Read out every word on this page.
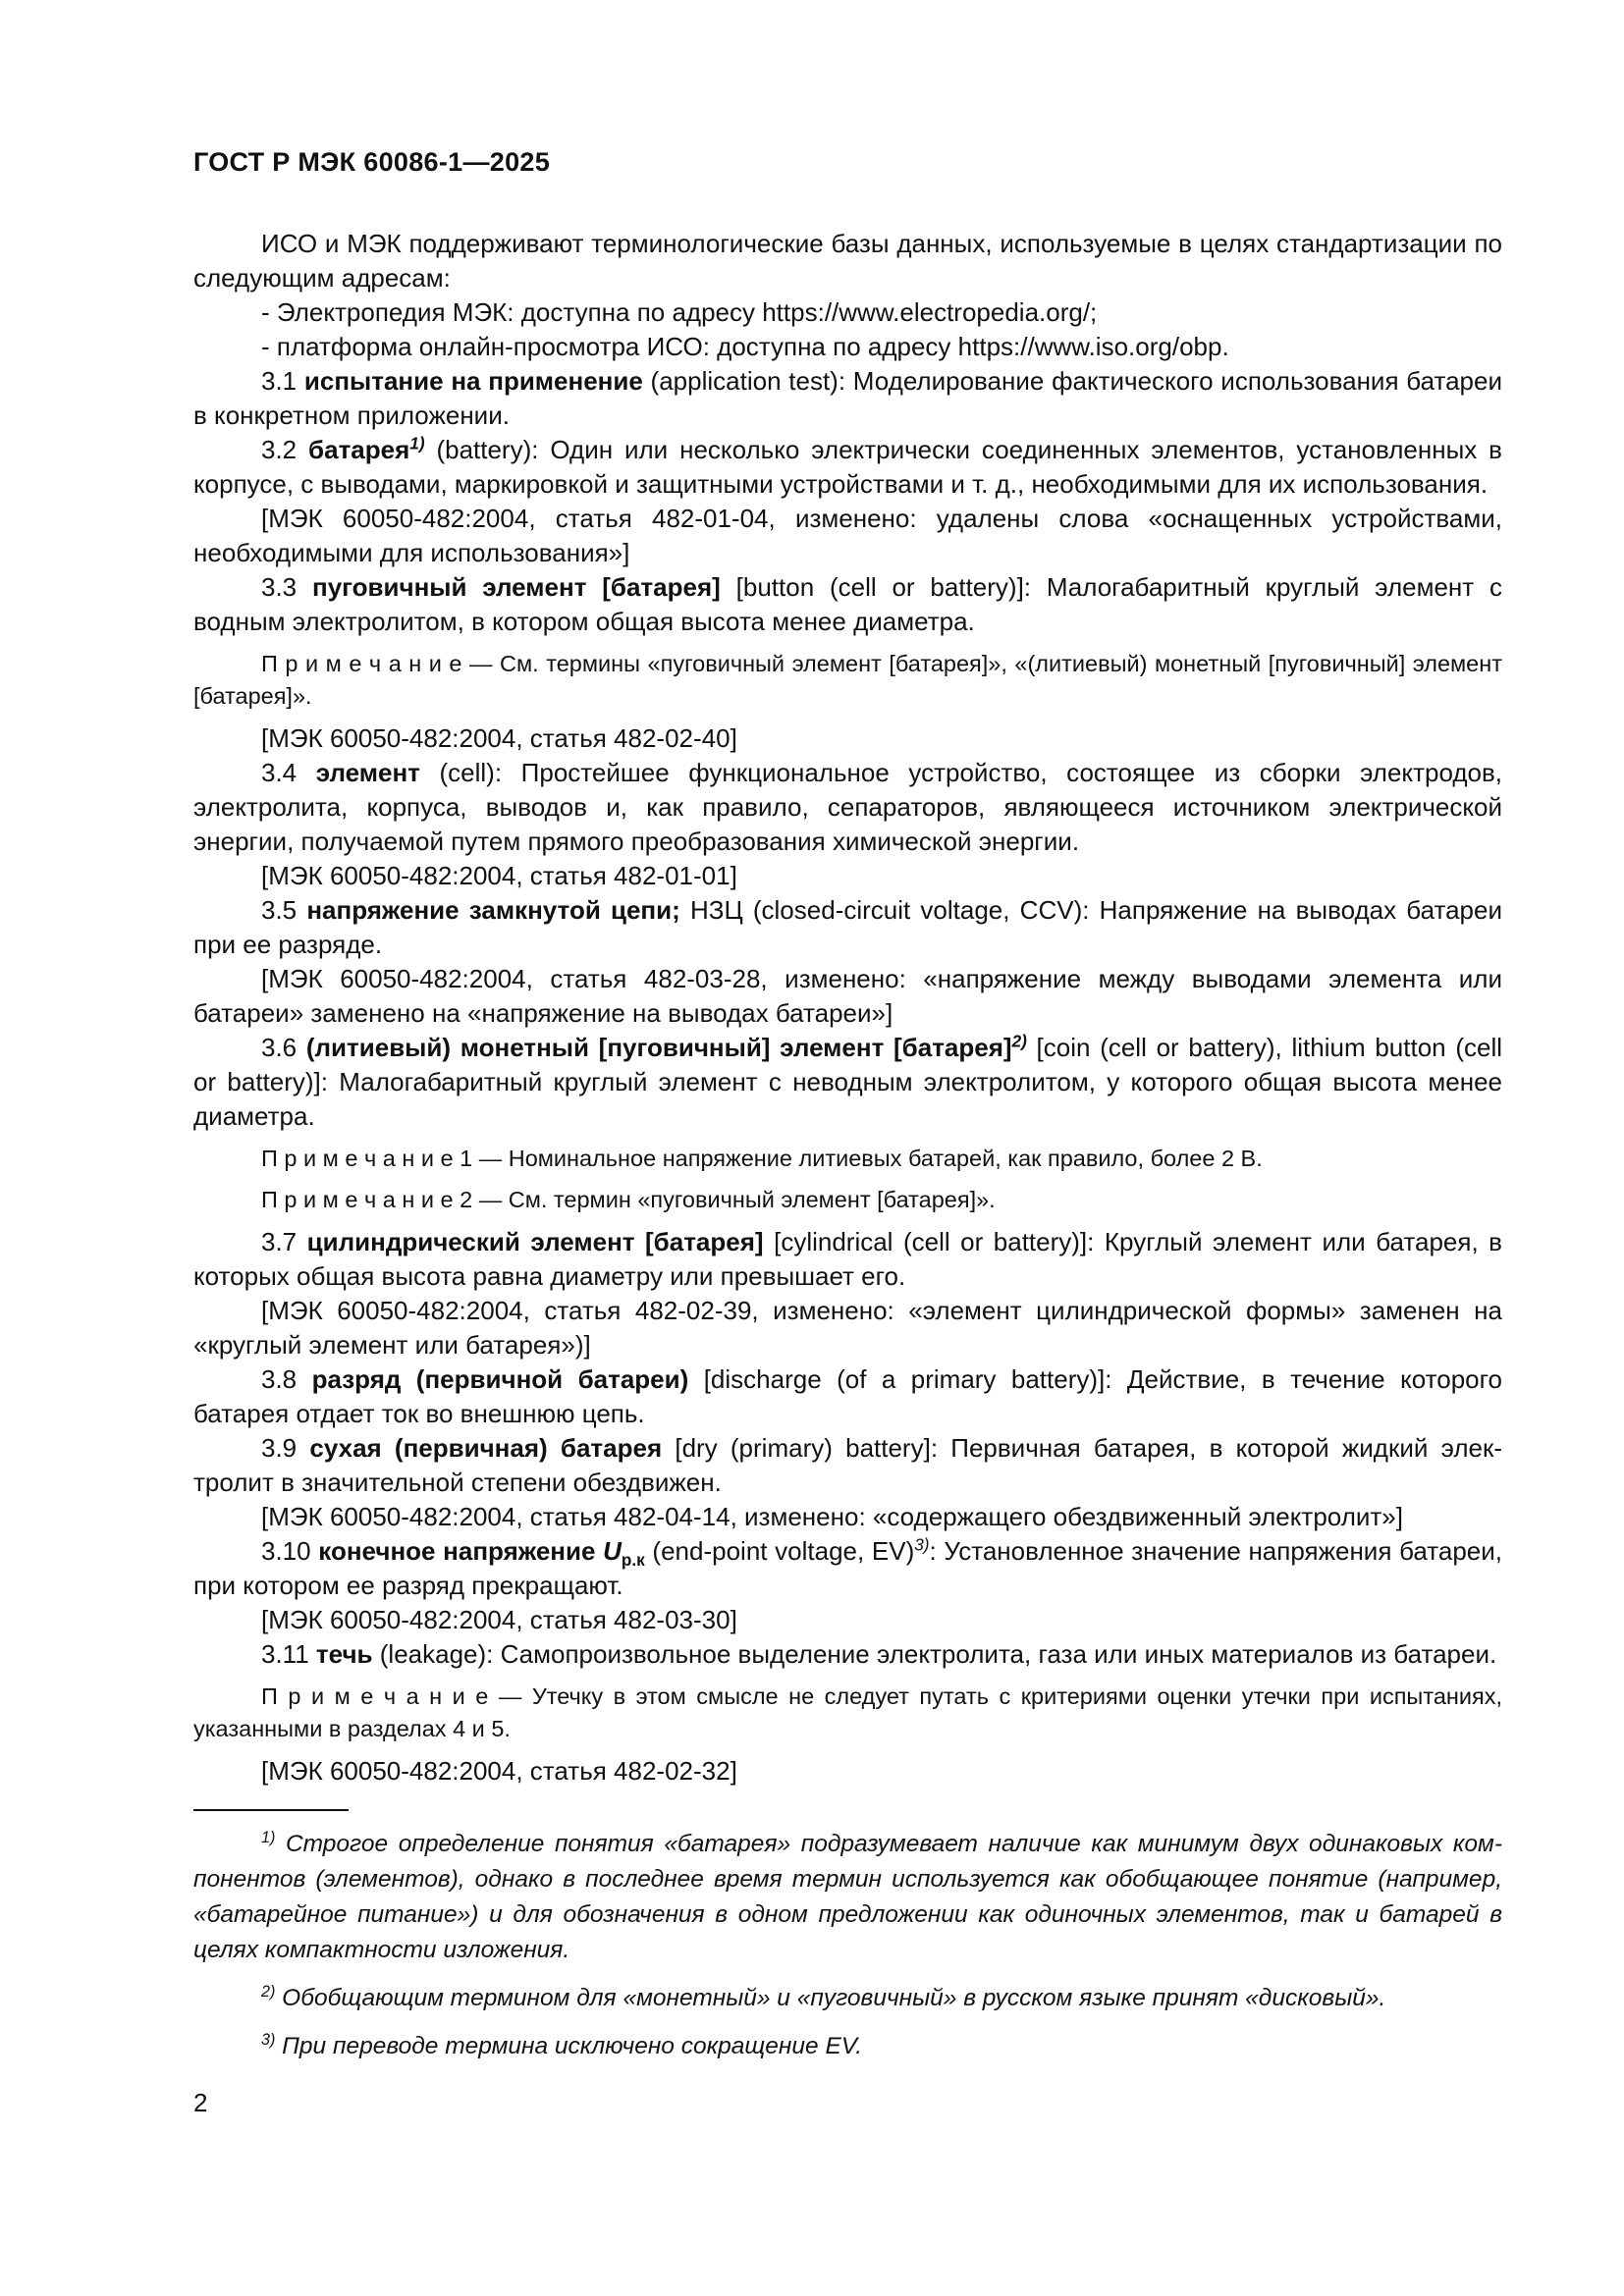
ГОСТ Р МЭК 60086-1—2025

ИСО и МЭК поддерживают терминологические базы данных, используемые в целях стандартизации по следующим адресам:

- Электропедия МЭК: доступна по адресу https://www.electropedia.org/;

- платформа онлайн-просмотра ИСО: доступна по адресу https://www.iso.org/obp.

3.1 испытание на применение (application test): Моделирование фактического использования батареи в конкретном приложении.

3.2 батарея$^{1)}$ (battery): Один или несколько электрически соединенных элементов, установленных в корпусе, с выводами, маркировкой и защитными устройствами и т. д., необходимыми для их использования.

[МЭК 60050-482:2004, статья 482-01-04, изменено: удалены слова «оснащенных устройствами, необходимыми для использования»]

3.3 пуговичный элемент [батарея] [button (cell or battery)]: Малогабаритный круглый элемент с водным электролитом, в котором общая высота менее диаметра.

П р и м е ч а н и е — См. термины «пуговичный элемент [батарея]», «(литиевый) монетный [пуговичный] элемент [батарея]».

[МЭК 60050-482:2004, статья 482-02-40]

3.4 элемент (cell): Простейшее функциональное устройство, состоящее из сборки электродов, электролита, корпуса, выводов и, как правило, сепараторов, являющееся источником электрической энергии, получаемой путем прямого преобразования химической энергии.

[МЭК 60050-482:2004, статья 482-01-01]

3.5 напряжение замкнутой цепи; НЗЦ (closed-circuit voltage, CCV): Напряжение на выводах батареи при ее разряде.

[МЭК 60050-482:2004, статья 482-03-28, изменено: «напряжение между выводами элемента или батареи» заменено на «напряжение на выводах батареи»]

3.6 (литиевый) монетный [пуговичный] элемент [батарея]$^{2)}$ [coin (cell or battery), lithium button (cell or battery)]: Малогабаритный круглый элемент с неводным электролитом, у которого общая высота менее диаметра.

П р и м е ч а н и е 1 — Номинальное напряжение литиевых батарей, как правило, более 2 В.

П р и м е ч а н и е 2 — См. термин «пуговичный элемент [батарея]».

3.7 цилиндрический элемент [батарея] [cylindrical (cell or battery)]: Круглый элемент или батарея, в которых общая высота равна диаметру или превышает его.

[МЭК 60050-482:2004, статья 482-02-39, изменено: «элемент цилиндрической формы» заменен на «круглый элемент или батарея»)]

3.8 разряд (первичной батареи) [discharge (of a primary battery)]: Действие, в течение которого батарея отдает ток во внешнюю цепь.

3.9 сухая (первичная) батарея [dry (primary) battery]: Первичная батарея, в которой жидкий электролит в значительной степени обездвижен.

[МЭК 60050-482:2004, статья 482-04-14, изменено: «содержащего обездвиженный электролит»]

3.10 конечное напряжение $U_{р.к}$ (end-point voltage, EV)$^{3)}$: Установленное значение напряжения батареи, при котором ее разряд прекращают.

[МЭК 60050-482:2004, статья 482-03-30]

3.11 течь (leakage): Самопроизвольное выделение электролита, газа или иных материалов из батареи.

П р и м е ч а н и е — Утечку в этом смысле не следует путать с критериями оценки утечки при испытаниях, указанными в разделах 4 и 5.

[МЭК 60050-482:2004, статья 482-02-32]

$^{1)}$ Строгое определение понятия «батарея» подразумевает наличие как минимум двух одинаковых компонентов (элементов), однако в последнее время термин используется как обобщающее понятие (например, «батарейное питание») и для обозначения в одном предложении как одиночных элементов, так и батарей в целях компактности изложения.

$^{2)}$ Обобщающим термином для «монетный» и «пуговичный» в русском языке принят «дисковый».

$^{3)}$ При переводе термина исключено сокращение EV.

2
